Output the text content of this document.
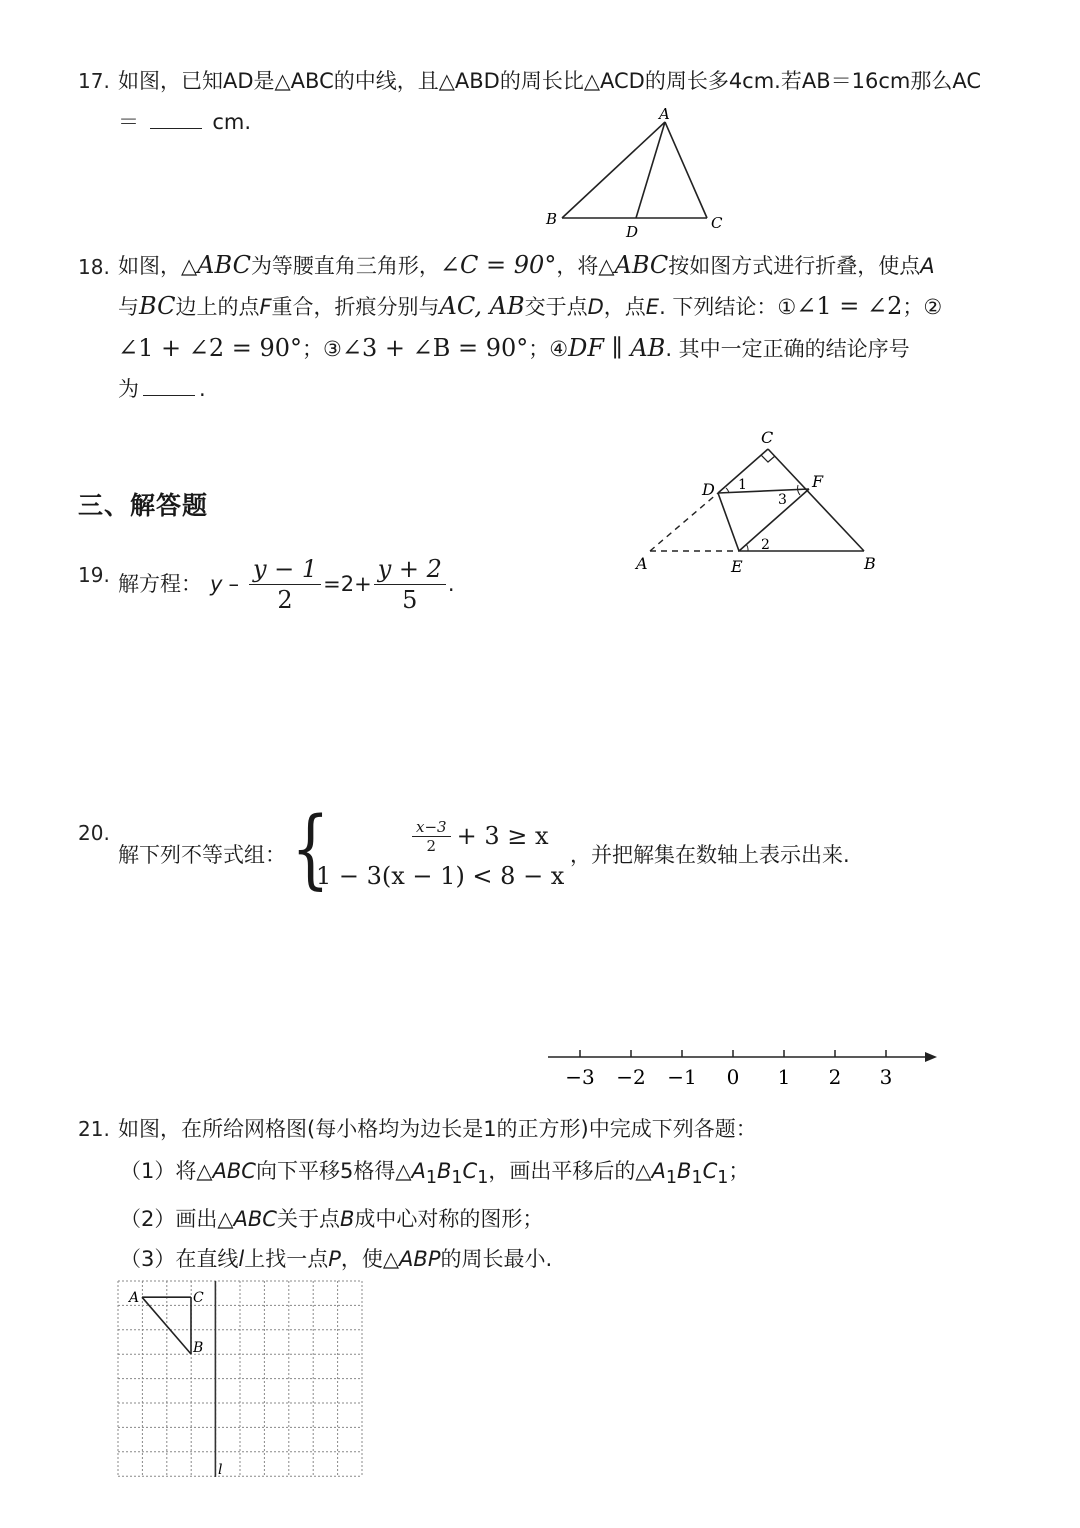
17. 如图，已知AD是△ABC的中线，且△ABD的周长比△ACD的周长多4cm.若AB＝16cm那么AC
＝	cm.	A
B	C
D
18. 如图，△ABC为等腰直角三角形，∠C = 90°，将△ABC按如图方式进行折叠，使点A
与BC边上的点F重合，折痕分别与AC, AB交于点D，点E. 下列结论：①∠1 = ∠2；②
∠1 + ∠2 = 90°；③∠3 + ∠B = 90°；④DF ∥ AB. 其中一定正确的结论序号
为	.
D
C
F
A	E	B
1
2
3
三、解答题
19. 解方程： $y - \frac{y - 1}{2} =2+ \frac{y + 2}{5}$ .
20.
解下列不等式组： {	$\frac{x-3}{2} + 3 \ge x$
1 − 3(x − 1) < 8 − x
，并把解集在数轴上表示出来.
−3 −2 −1 0 1 2 3
21. 如图，在所给网格图(每小格均为边长是1的正方形)中完成下列各题：
（1）将△ABC向下平移5格得$\triangle A_1B_1C_1$，画出平移后的$\triangle A_1B_1C_1$；
（2）画出△ABC关于点B成中心对称的图形；
（3）在直线l上找一点P，使△ABP的周长最小.
A	C
B
l
